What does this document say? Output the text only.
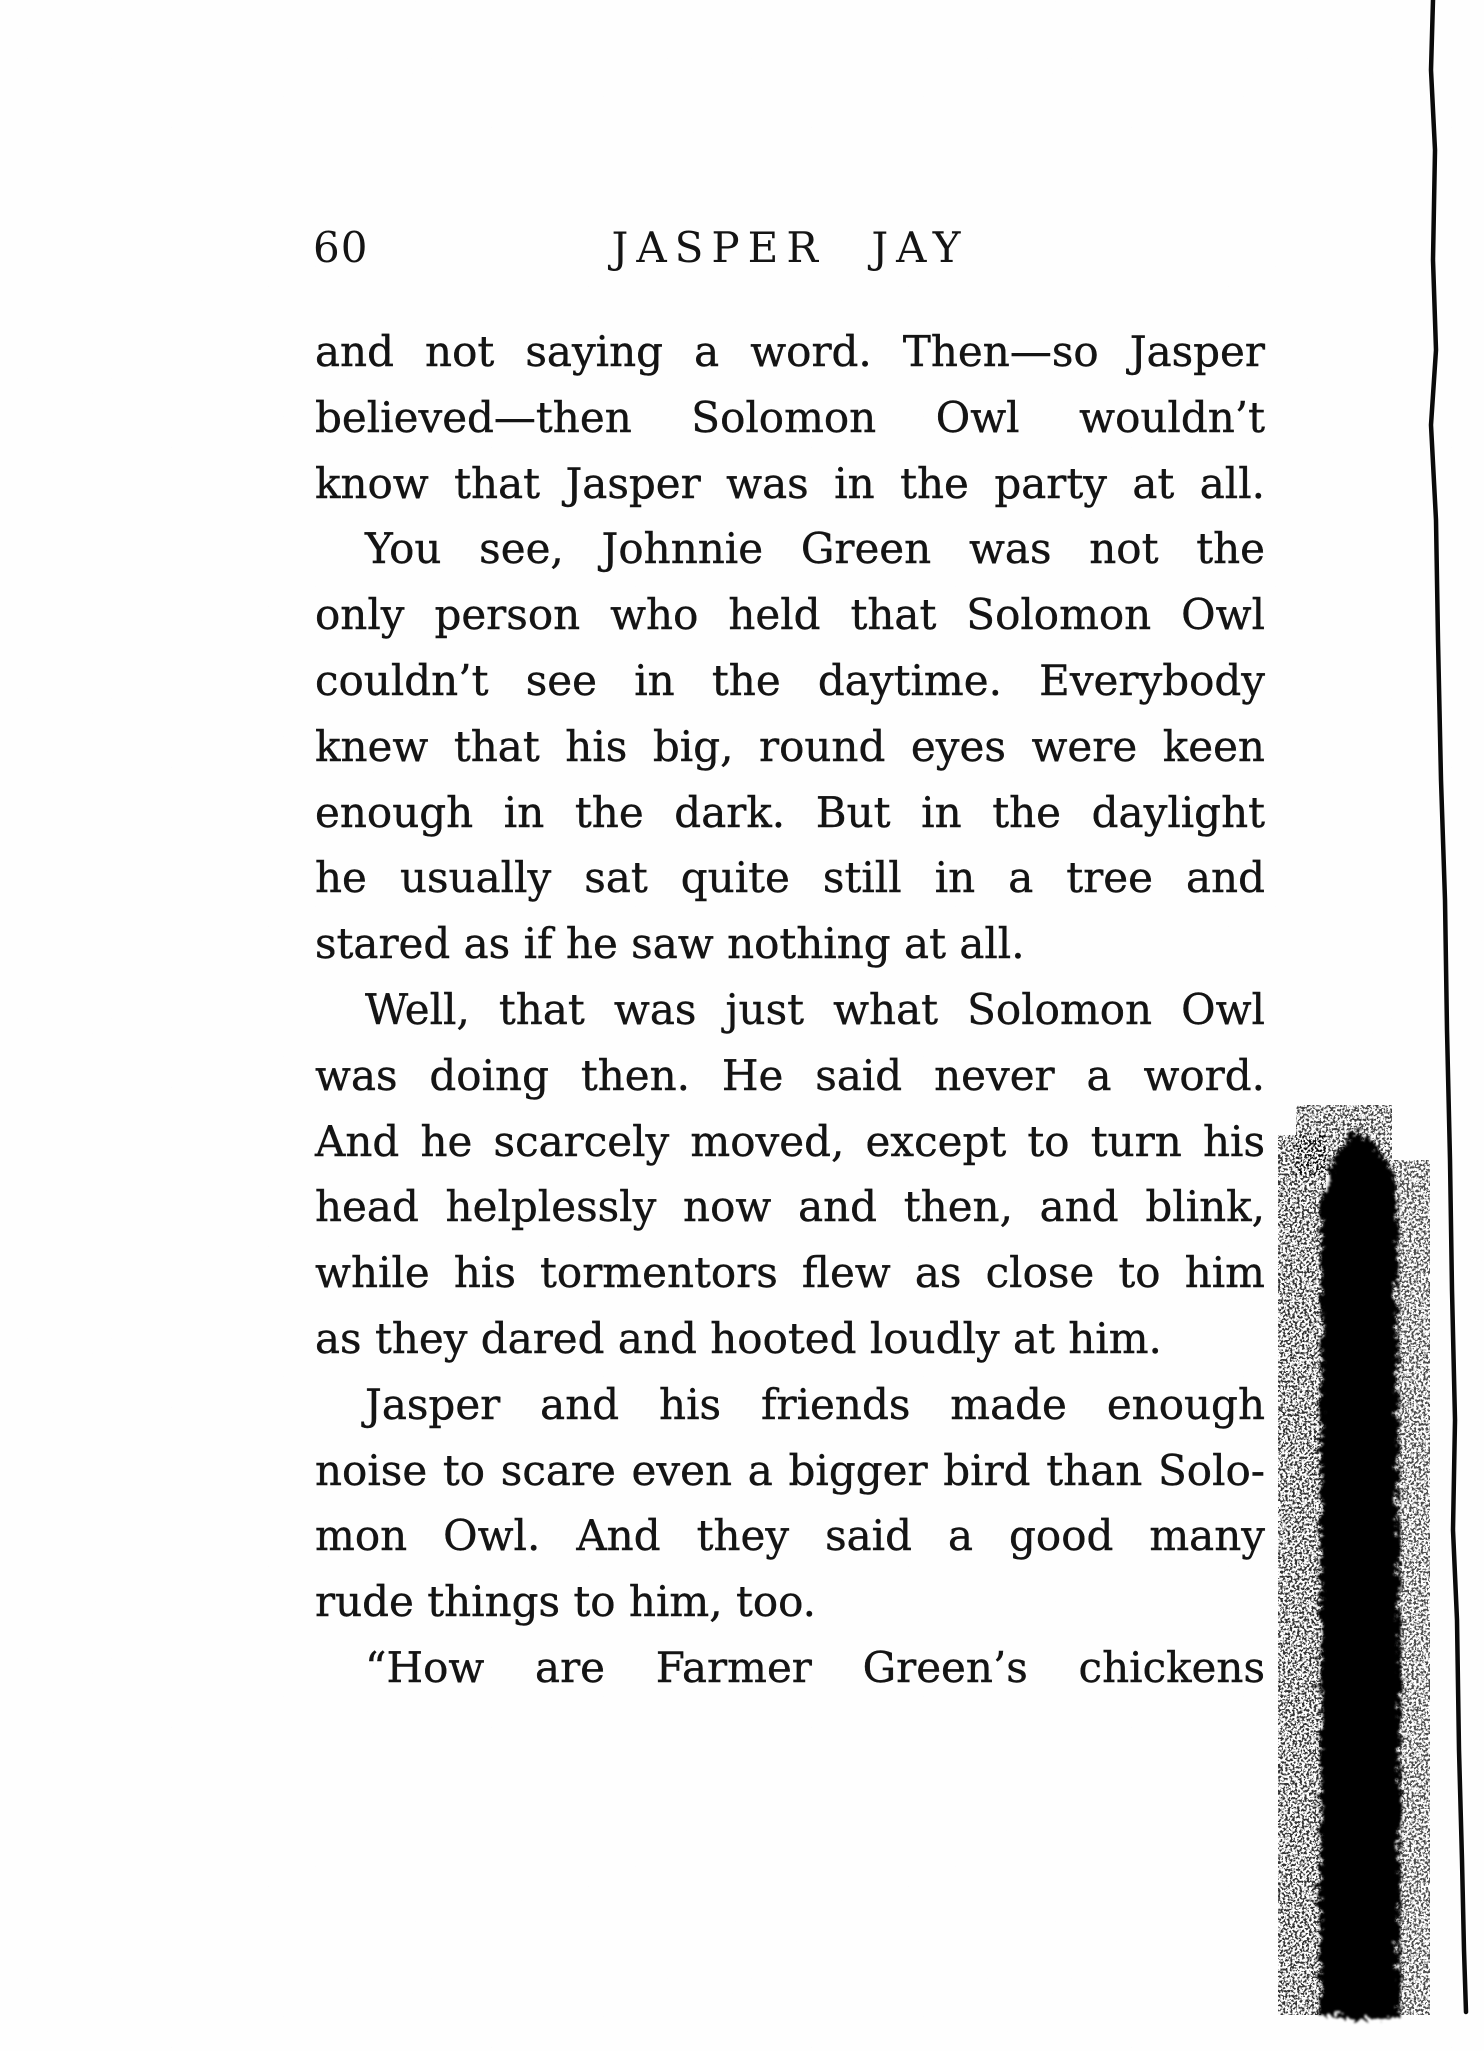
60	JASPER JAY
and not saying a word. Then—so Jasper
believed—then Solomon Owl wouldn’t
know that Jasper was in the party at all.
You see, Johnnie Green was not the
only person who held that Solomon Owl
couldn’t see in the daytime. Everybody
knew that his big, round eyes were keen
enough in the dark. But in the daylight
he usually sat quite still in a tree and
stared as if he saw nothing at all.
Well, that was just what Solomon Owl
was doing then. He said never a word.
And he scarcely moved, except to turn his
head helplessly now and then, and blink,
while his tormentors flew as close to him
as they dared and hooted loudly at him.
Jasper and his friends made enough
noise to scare even a bigger bird than Solo-
mon Owl. And they said a good many
rude things to him, too.
“How are Farmer Green’s chickens
